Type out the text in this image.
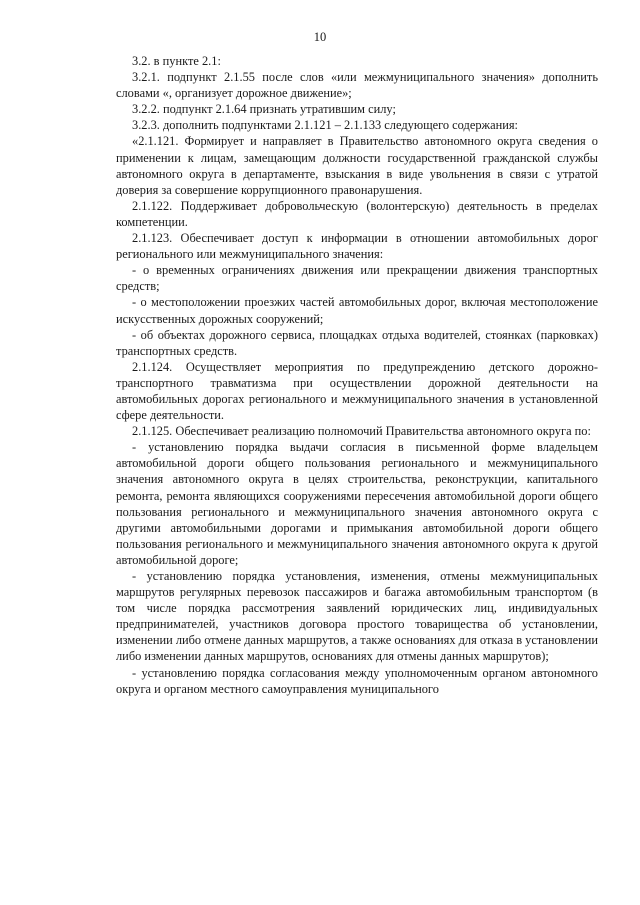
10

3.2. в пункте 2.1:

3.2.1. подпункт 2.1.55 после слов «или межмуниципального значения» дополнить словами «, организует дорожное движение»;

3.2.2. подпункт 2.1.64 признать утратившим силу;

3.2.3. дополнить подпунктами 2.1.121 – 2.1.133 следующего содержания:

«2.1.121. Формирует и направляет в Правительство автономного округа сведения о применении к лицам, замещающим должности государственной гражданской службы автономного округа в департаменте, взыскания в виде увольнения в связи с утратой доверия за совершение коррупционного правонарушения.

2.1.122. Поддерживает добровольческую (волонтерскую) деятельность в пределах компетенции.

2.1.123. Обеспечивает доступ к информации в отношении автомобильных дорог регионального или межмуниципального значения:

- о временных ограничениях движения или прекращении движения транспортных средств;

- о местоположении проезжих частей автомобильных дорог, включая местоположение искусственных дорожных сооружений;

- об объектах дорожного сервиса, площадках отдыха водителей, стоянках (парковках) транспортных средств.

2.1.124. Осуществляет мероприятия по предупреждению детского дорожно-транспортного травматизма при осуществлении дорожной деятельности на автомобильных дорогах регионального и межмуниципального значения в установленной сфере деятельности.

2.1.125. Обеспечивает реализацию полномочий Правительства автономного округа по:

- установлению порядка выдачи согласия в письменной форме владельцем автомобильной дороги общего пользования регионального и межмуниципального значения автономного округа в целях строительства, реконструкции, капитального ремонта, ремонта являющихся сооружениями пересечения автомобильной дороги общего пользования регионального и межмуниципального значения автономного округа с другими автомобильными дорогами и примыкания автомобильной дороги общего пользования регионального и межмуниципального значения автономного округа к другой автомобильной дороге;

- установлению порядка установления, изменения, отмены межмуниципальных маршрутов регулярных перевозок пассажиров и багажа автомобильным транспортом (в том числе порядка рассмотрения заявлений юридических лиц, индивидуальных предпринимателей, участников договора простого товарищества об установлении, изменении либо отмене данных маршрутов, а также основаниях для отказа в установлении либо изменении данных маршрутов, основаниях для отмены данных маршрутов);

- установлению порядка согласования между уполномоченным органом автономного округа и органом местного самоуправления муниципального
